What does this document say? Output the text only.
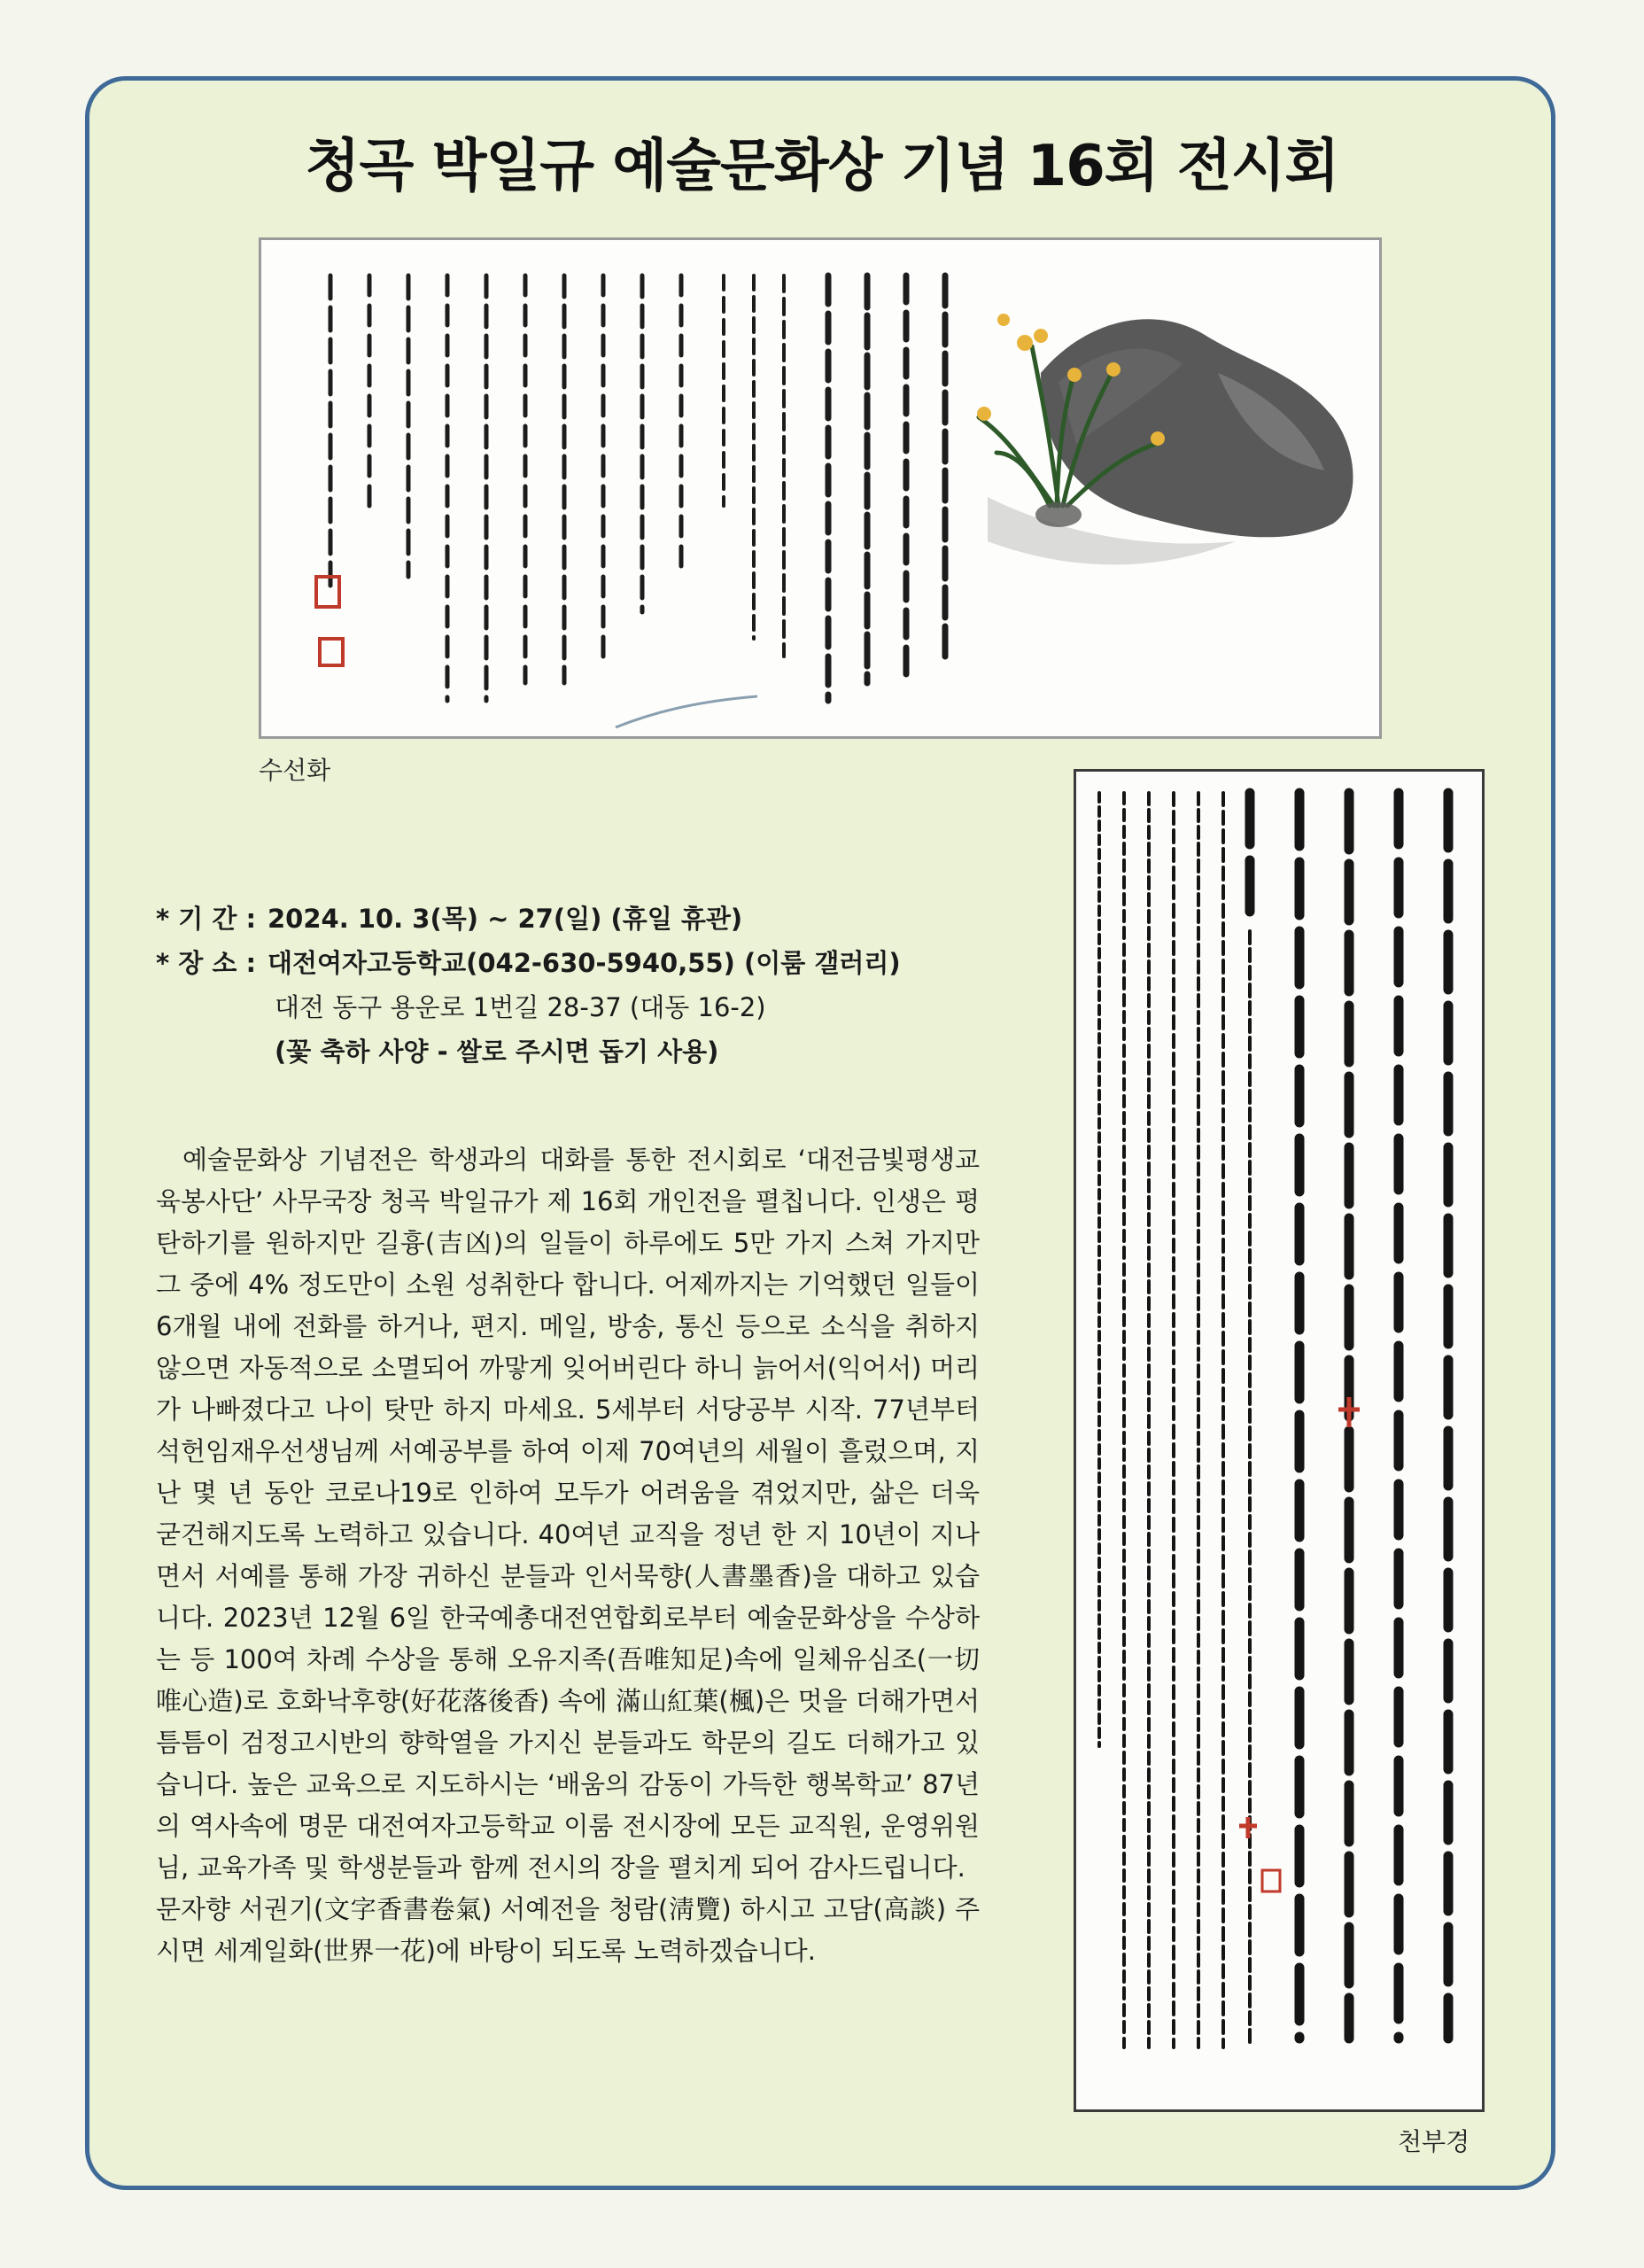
청곡 박일규 예술문화상 기념 16회 전시회
수선화
천부경
* 기 간 : 2024. 10. 3(목) ~ 27(일) (휴일 휴관)
* 장 소 : 대전여자고등학교(042-630-5940,55) (이룸 갤러리)
대전 동구 용운로 1번길 28-37 (대동 16-2)
(꽃 축하 사양 - 쌀로 주시면 돕기 사용)

예술문화상 기념전은 학생과의 대화를 통한 전시회로 ‘대전금빛평생교육봉사단’ 사무국장 청곡 박일규가 제 16회 개인전을 펼칩니다. 인생은 평탄하기를 원하지만 길흉(吉凶)의 일들이 하루에도 5만 가지 스쳐 가지만 그 중에 4% 정도만이 소원 성취한다 합니다. 어제까지는 기억했던 일들이 6개월 내에 전화를 하거나, 편지. 메일, 방송, 통신 등으로 소식을 취하지 않으면 자동적으로 소멸되어 까맣게 잊어버린다 하니 늙어서(익어서) 머리가 나빠졌다고 나이 탓만 하지 마세요. 5세부터 서당공부 시작. 77년부터 석헌임재우선생님께 서예공부를 하여 이제 70여년의 세월이 흘렀으며, 지난 몇 년 동안 코로나19로 인하여 모두가 어려움을 겪었지만, 삶은 더욱 굳건해지도록 노력하고 있습니다. 40여년 교직을 정년 한 지 10년이 지나면서 서예를 통해 가장 귀하신 분들과 인서묵향(人書墨香)을 대하고 있습니다. 2023년 12월 6일 한국예총대전연합회로부터 예술문화상을 수상하는 등 100여 차례 수상을 통해 오유지족(吾唯知足)속에 일체유심조(一切唯心造)로 호화낙후향(好花落後香) 속에 滿山紅葉(楓)은 멋을 더해가면서 틈틈이 검정고시반의 향학열을 가지신 분들과도 학문의 길도 더해가고 있습니다. 높은 교육으로 지도하시는 ‘배움의 감동이 가득한 행복학교’ 87년의 역사속에 명문 대전여자고등학교 이룸 전시장에 모든 교직원, 운영위원님, 교육가족 및 학생분들과 함께 전시의 장을 펼치게 되어 감사드립니다.

문자향 서권기(文字香書卷氣) 서예전을 청람(淸覽) 하시고 고담(高談) 주시면 세계일화(世界一花)에 바탕이 되도록 노력하겠습니다.
